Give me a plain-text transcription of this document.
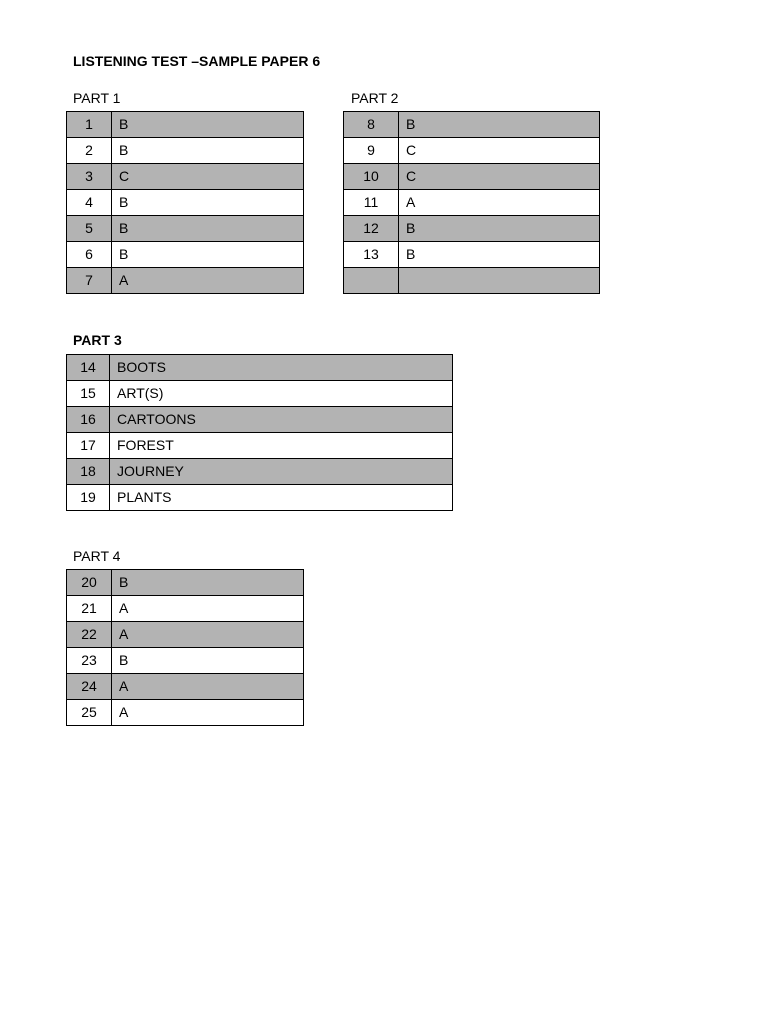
LISTENING TEST –SAMPLE PAPER 6
PART 1
1	B
2	B
3	C
4	B
5	B
6	B
7	A
PART 2
8	B
9	C
10	C
11	A
12	B
13	B

PART 3
14	BOOTS
15	ART(S)
16	CARTOONS
17	FOREST
18	JOURNEY
19	PLANTS
PART 4
20	B
21	A
22	A
23	B
24	A
25	A
